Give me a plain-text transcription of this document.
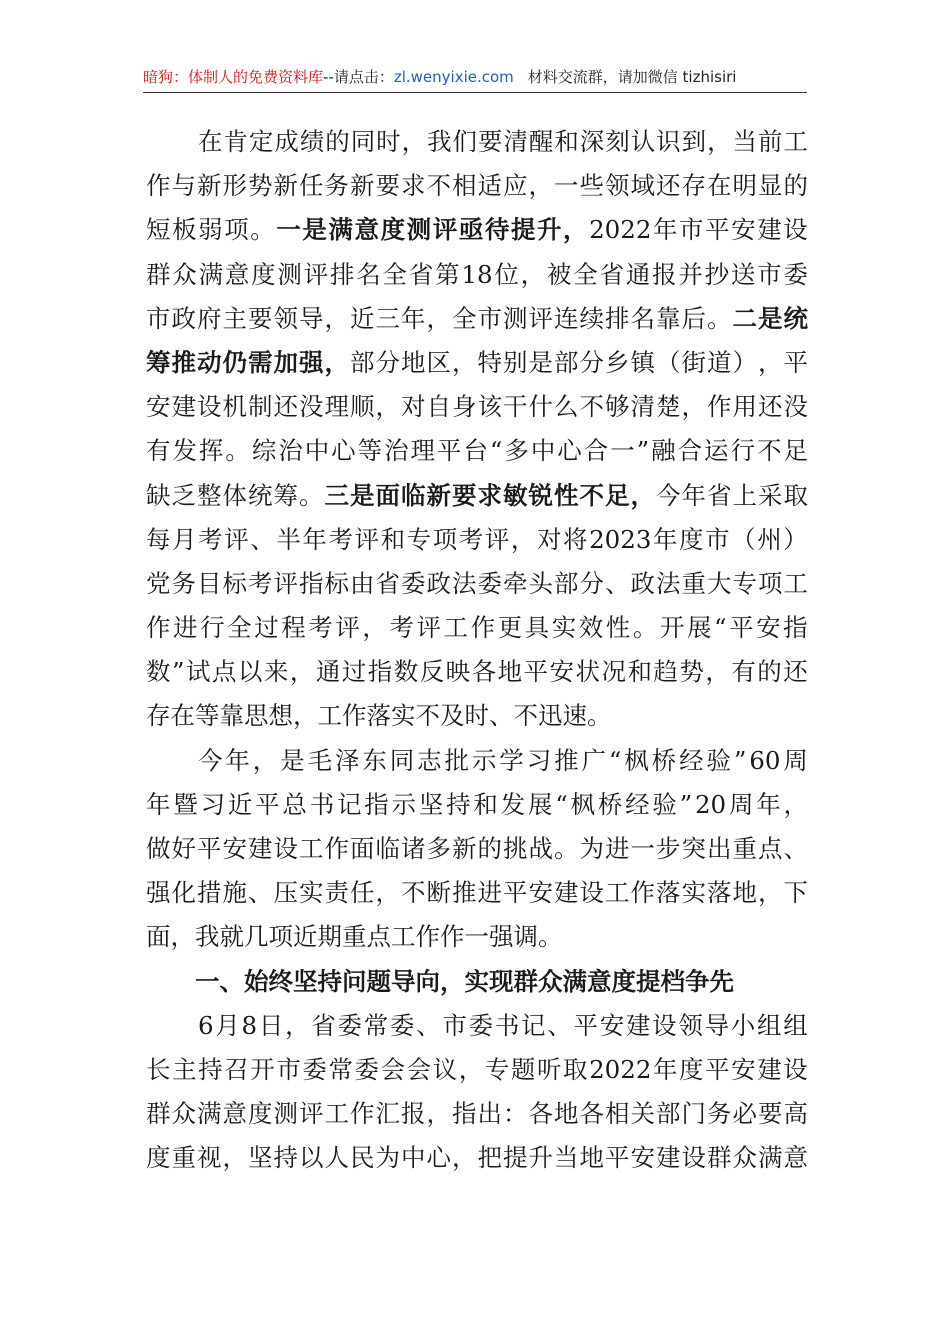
暗狗：体制人的免费资料库--请点击：zl.wenyixie.com 材料交流群，请加微信 tizhisiri
在 肯 定 成 绩 的 同 时 ， 我 们 要 清 醒 和 深 刻 认 识 到 ， 当 前 工
作 与 新 形 势 新 任 务 新 要 求 不 相 适 应 ， 一 些 领 域 还 存 在 明 显 的
短 板 弱 项 。 一 是 满 意 度 测 评 亟 待 提 升 ， 2022 年 市 平 安 建 设
群 众 满 意 度 测 评 排 名 全 省 第 18 位 ， 被 全 省 通 报 并 抄 送 市 委
市 政 府 主 要 领 导 ， 近 三 年 ， 全 市 测 评 连 续 排 名 靠 后 。 二 是 统
筹 推 动 仍 需 加 强 ， 部 分 地 区 ， 特 别 是 部 分 乡 镇 （ 街 道 ） ， 平
安 建 设 机 制 还 没 理 顺 ， 对 自 身 该 干 什 么 不 够 清 楚 ， 作 用 还 没
有 发 挥 。 综 治 中 心 等 治 理 平 台 “ 多 中 心 合 一 ” 融 合 运 行 不 足
缺 乏 整 体 统 筹 。 三 是 面 临 新 要 求 敏 锐 性 不 足 ， 今 年 省 上 采 取
每 月 考 评 、 半 年 考 评 和 专 项 考 评 ， 对 将 2023 年 度 市 （ 州 ）
党 务 目 标 考 评 指 标 由 省 委 政 法 委 牵 头 部 分 、 政 法 重 大 专 项 工
作 进 行 全 过 程 考 评 ， 考 评 工 作 更 具 实 效 性 。 开 展 “ 平 安 指
数 ” 试 点 以 来 ， 通 过 指 数 反 映 各 地 平 安 状 况 和 趋 势 ， 有 的 还
存 在 等 靠 思 想 ， 工 作 落 实 不 及 时 、 不 迅 速 。
今 年 ， 是 毛 泽 东 同 志 批 示 学 习 推 广 “ 枫 桥 经 验 ” 60 周
年 暨 习 近 平 总 书 记 指 示 坚 持 和 发 展 “ 枫 桥 经 验 ” 20 周 年 ，
做 好 平 安 建 设 工 作 面 临 诸 多 新 的 挑 战 。 为 进 一 步 突 出 重 点 、
强 化 措 施 、 压 实 责 任 ， 不 断 推 进 平 安 建 设 工 作 落 实 落 地 ， 下
面 ， 我 就 几 项 近 期 重 点 工 作 作 一 强 调 。
一 、 始 终 坚 持 问 题 导 向 ， 实 现 群 众 满 意 度 提 档 争 先
6 月 8 日 ， 省 委 常 委 、 市 委 书 记 、 平 安 建 设 领 导 小 组 组
长 主 持 召 开 市 委 常 委 会 会 议 ， 专 题 听 取 2022 年 度 平 安 建 设
群 众 满 意 度 测 评 工 作 汇 报 ， 指 出 ： 各 地 各 相 关 部 门 务 必 要 高
度 重 视 ， 坚 持 以 人 民 为 中 心 ， 把 提 升 当 地 平 安 建 设 群 众 满 意
